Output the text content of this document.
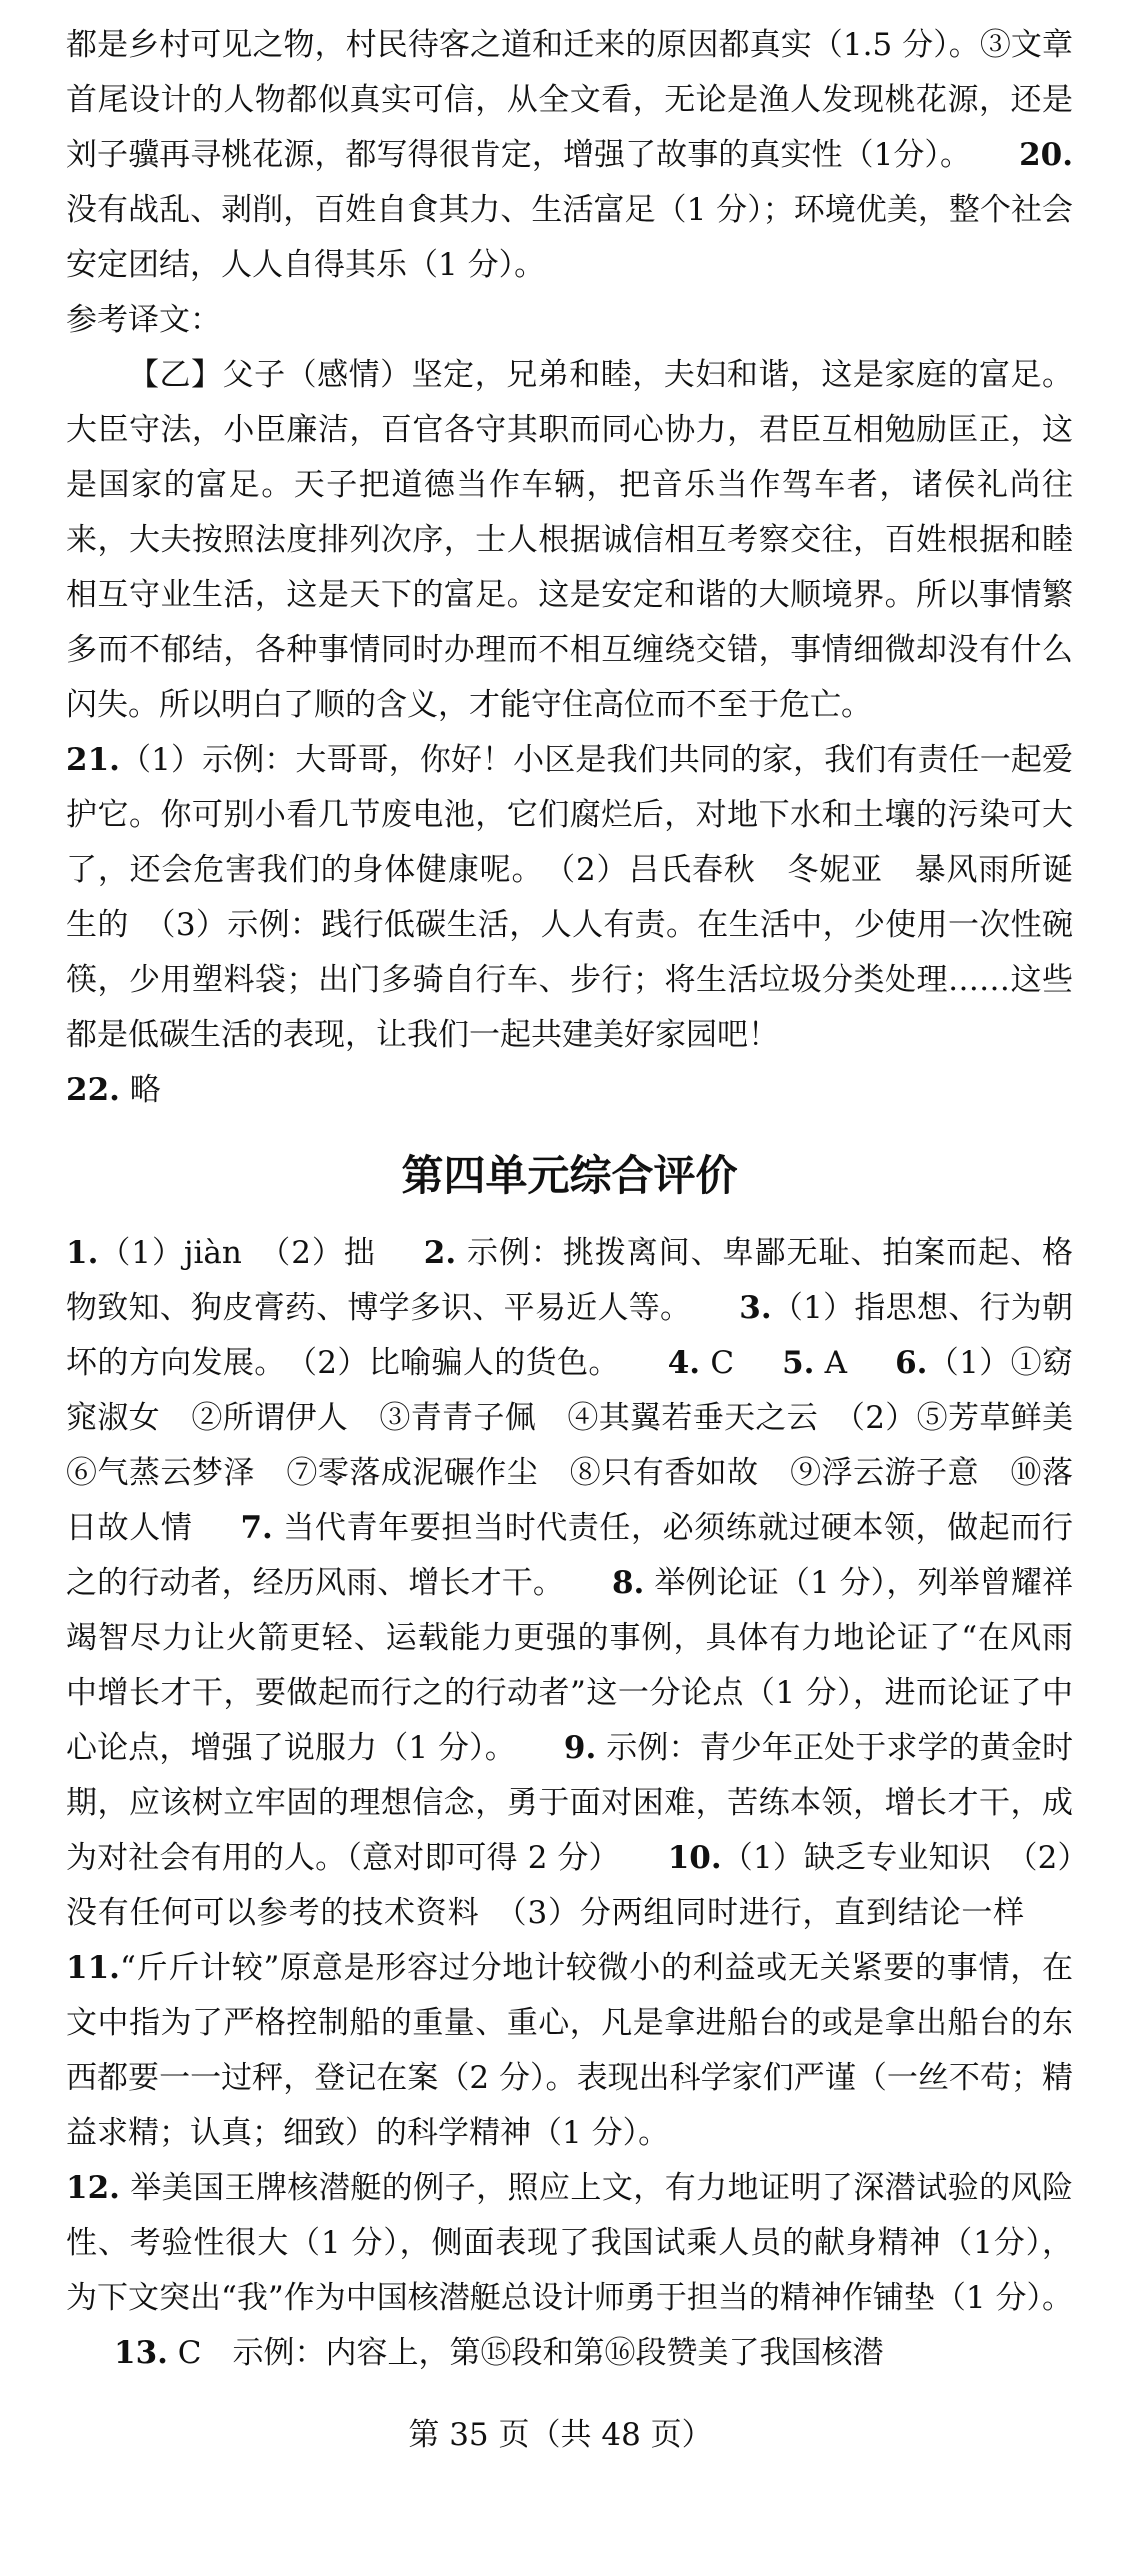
都是乡村可见之物，村民待客之道和迁来的原因都真实（1.5 分）。③文章首尾设计的人物都似真实可信，从全文看，无论是渔人发现桃花源，还是刘子骥再寻桃花源，都写得很肯定，增强了故事的真实性（1分）。 20. 没有战乱、剥削，百姓自食其力、生活富足（1 分）；环境优美，整个社会安定团结，人人自得其乐（1 分）。

参考译文：

【乙】父子（感情）坚定，兄弟和睦，夫妇和谐，这是家庭的富足。大臣守法，小臣廉洁，百官各守其职而同心协力，君臣互相勉励匡正，这是国家的富足。天子把道德当作车辆，把音乐当作驾车者，诸侯礼尚往来，大夫按照法度排列次序，士人根据诚信相互考察交往，百姓根据和睦相互守业生活，这是天下的富足。这是安定和谐的大顺境界。所以事情繁多而不郁结，各种事情同时办理而不相互缠绕交错，事情细微却没有什么闪失。所以明白了顺的含义，才能守住高位而不至于危亡。

21.（1）示例：大哥哥，你好！小区是我们共同的家，我们有责任一起爱护它。你可别小看几节废电池，它们腐烂后，对地下水和土壤的污染可大了，还会危害我们的身体健康呢。　（2）吕氏春秋　冬妮亚　暴风雨所诞生的　（3）示例：践行低碳生活，人人有责。在生活中，少使用一次性碗筷，少用塑料袋；出门多骑自行车、步行；将生活垃圾分类处理……这些都是低碳生活的表现，让我们一起共建美好家园吧！

22. 略

第四单元综合评价

1.（1）jiàn　（2）拙 2. 示例：挑拨离间、卑鄙无耻、拍案而起、格物致知、狗皮膏药、博学多识、平易近人等。 3.（1）指思想、行为朝坏的方向发展。　（2）比喻骗人的货色。 4. C 5. A 6.（1）①窈窕淑女　②所谓伊人　③青青子佩　④其翼若垂天之云　（2）⑤芳草鲜美　⑥气蒸云梦泽　⑦零落成泥碾作尘　⑧只有香如故　⑨浮云游子意　⑩落日故人情 7. 当代青年要担当时代责任，必须练就过硬本领，做起而行之的行动者，经历风雨、增长才干。 8. 举例论证（1 分），列举曾耀祥竭智尽力让火箭更轻、运载能力更强的事例，具体有力地论证了“在风雨中增长才干，要做起而行之的行动者”这一分论点（1 分），进而论证了中心论点，增强了说服力（1 分）。 9. 示例：青少年正处于求学的黄金时期，应该树立牢固的理想信念，勇于面对困难，苦练本领，增长才干，成为对社会有用的人。（意对即可得 2 分） 10.（1）缺乏专业知识　（2）没有任何可以参考的技术资料　（3）分两组同时进行，直到结论一样11.“斤斤计较”原意是形容过分地计较微小的利益或无关紧要的事情，在文中指为了严格控制船的重量、重心，凡是拿进船台的或是拿出船台的东西都要一一过秤，登记在案（2 分）。表现出科学家们严谨（一丝不苟；精益求精；认真；细致）的科学精神（1 分）。

12. 举美国王牌核潜艇的例子，照应上文，有力地证明了深潜试验的风险性、考验性很大（1 分），侧面表现了我国试乘人员的献身精神（1分），为下文突出“我”作为中国核潜艇总设计师勇于担当的精神作铺垫（1 分）。13. C　示例：内容上，第⑮段和第⑯段赞美了我国核潜

第 35 页（共 48 页）
